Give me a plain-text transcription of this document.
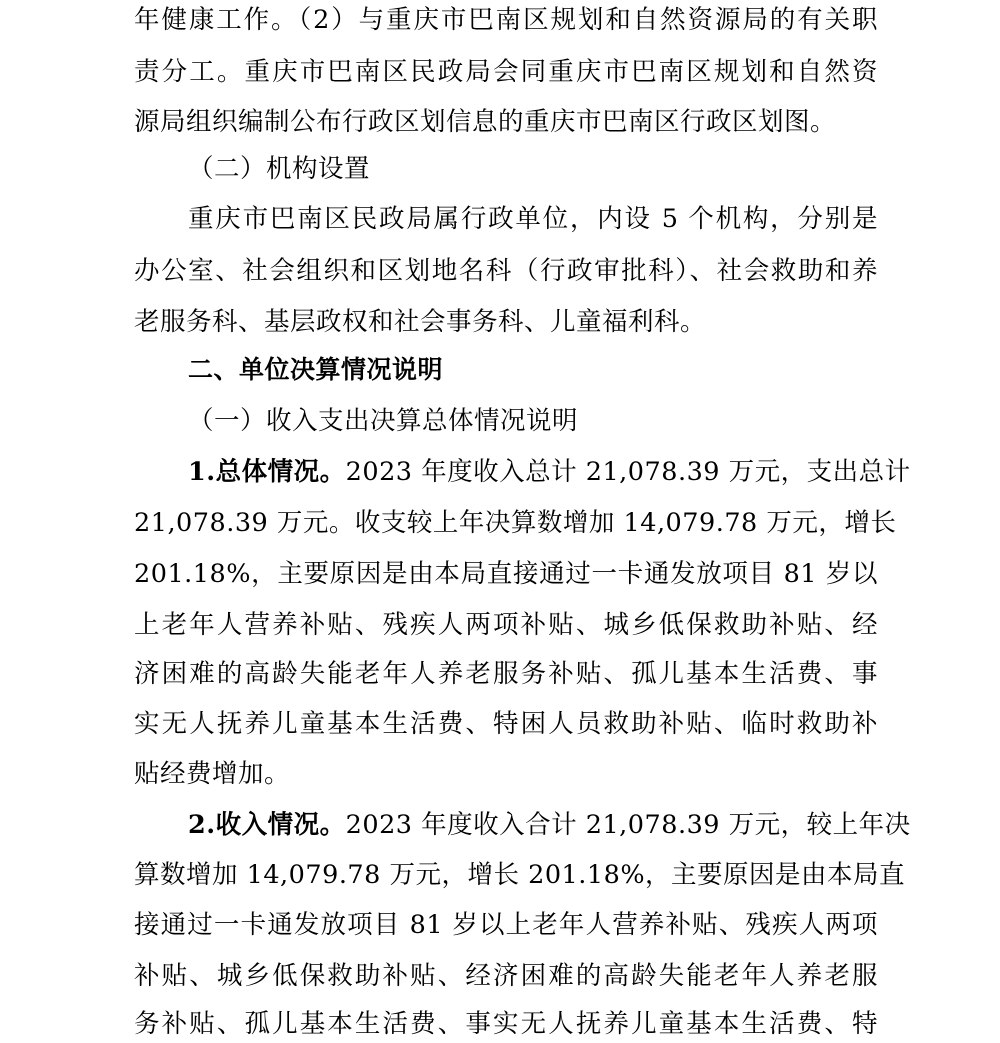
年健康工作。（2）与重庆市巴南区规划和自然资源局的有关职
责分工。重庆市巴南区民政局会同重庆市巴南区规划和自然资
源局组织编制公布行政区划信息的重庆市巴南区行政区划图。
（二）机构设置
重庆市巴南区民政局属行政单位，内设 5 个机构，分别是
办公室、社会组织和区划地名科（行政审批科）、社会救助和养
老服务科、基层政权和社会事务科、儿童福利科。
二、单位决算情况说明
（一）收入支出决算总体情况说明
1.总体情况。2023 年度收入总计 21,078.39 万元，支出总计
21,078.39 万元。收支较上年决算数增加 14,079.78 万元，增长
201.18%，主要原因是由本局直接通过一卡通发放项目 81 岁以
上老年人营养补贴、残疾人两项补贴、城乡低保救助补贴、经
济困难的高龄失能老年人养老服务补贴、孤儿基本生活费、事
实无人抚养儿童基本生活费、特困人员救助补贴、临时救助补
贴经费增加。
2.收入情况。2023 年度收入合计 21,078.39 万元，较上年决
算数增加 14,079.78 万元，增长 201.18%，主要原因是由本局直
接通过一卡通发放项目 81 岁以上老年人营养补贴、残疾人两项
补贴、城乡低保救助补贴、经济困难的高龄失能老年人养老服
务补贴、孤儿基本生活费、事实无人抚养儿童基本生活费、特
